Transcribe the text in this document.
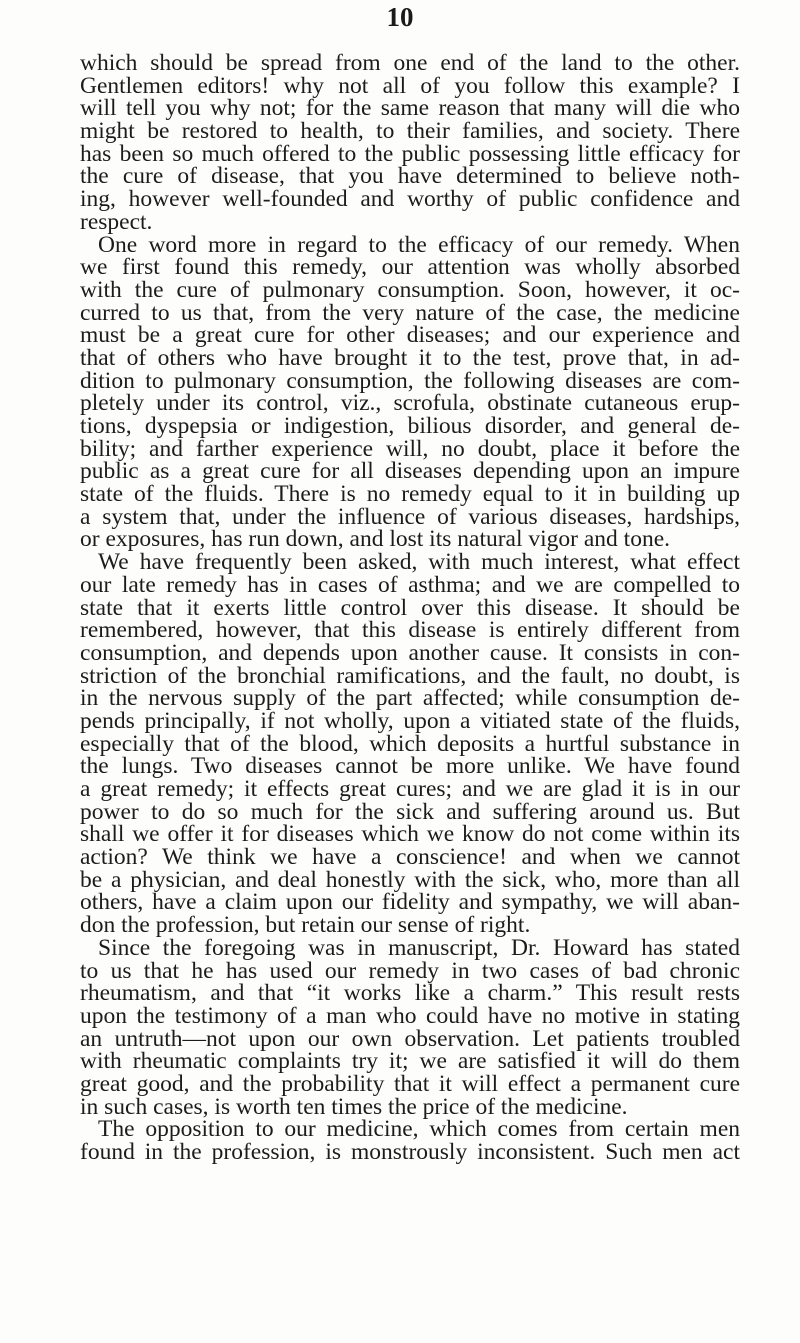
10
which should be spread from one end of the land to the other.
Gentlemen editors! why not all of you follow this example? I
will tell you why not; for the same reason that many will die who
might be restored to health, to their families, and society. There
has been so much offered to the public possessing little efficacy for
the cure of disease, that you have determined to believe noth-
ing, however well-founded and worthy of public confidence and
respect.
One word more in regard to the efficacy of our remedy. When
we first found this remedy, our attention was wholly absorbed
with the cure of pulmonary consumption. Soon, however, it oc-
curred to us that, from the very nature of the case, the medicine
must be a great cure for other diseases; and our experience and
that of others who have brought it to the test, prove that, in ad-
dition to pulmonary consumption, the following diseases are com-
pletely under its control, viz., scrofula, obstinate cutaneous erup-
tions, dyspepsia or indigestion, bilious disorder, and general de-
bility; and farther experience will, no doubt, place it before the
public as a great cure for all diseases depending upon an impure
state of the fluids. There is no remedy equal to it in building up
a system that, under the influence of various diseases, hardships,
or exposures, has run down, and lost its natural vigor and tone.
We have frequently been asked, with much interest, what effect
our late remedy has in cases of asthma; and we are compelled to
state that it exerts little control over this disease. It should be
remembered, however, that this disease is entirely different from
consumption, and depends upon another cause. It consists in con-
striction of the bronchial ramifications, and the fault, no doubt, is
in the nervous supply of the part affected; while consumption de-
pends principally, if not wholly, upon a vitiated state of the fluids,
especially that of the blood, which deposits a hurtful substance in
the lungs. Two diseases cannot be more unlike. We have found
a great remedy; it effects great cures; and we are glad it is in our
power to do so much for the sick and suffering around us. But
shall we offer it for diseases which we know do not come within its
action? We think we have a conscience! and when we cannot
be a physician, and deal honestly with the sick, who, more than all
others, have a claim upon our fidelity and sympathy, we will aban-
don the profession, but retain our sense of right.
Since the foregoing was in manuscript, Dr. Howard has stated
to us that he has used our remedy in two cases of bad chronic
rheumatism, and that “it works like a charm.” This result rests
upon the testimony of a man who could have no motive in stating
an untruth—not upon our own observation. Let patients troubled
with rheumatic complaints try it; we are satisfied it will do them
great good, and the probability that it will effect a permanent cure
in such cases, is worth ten times the price of the medicine.
The opposition to our medicine, which comes from certain men
found in the profession, is monstrously inconsistent. Such men act
